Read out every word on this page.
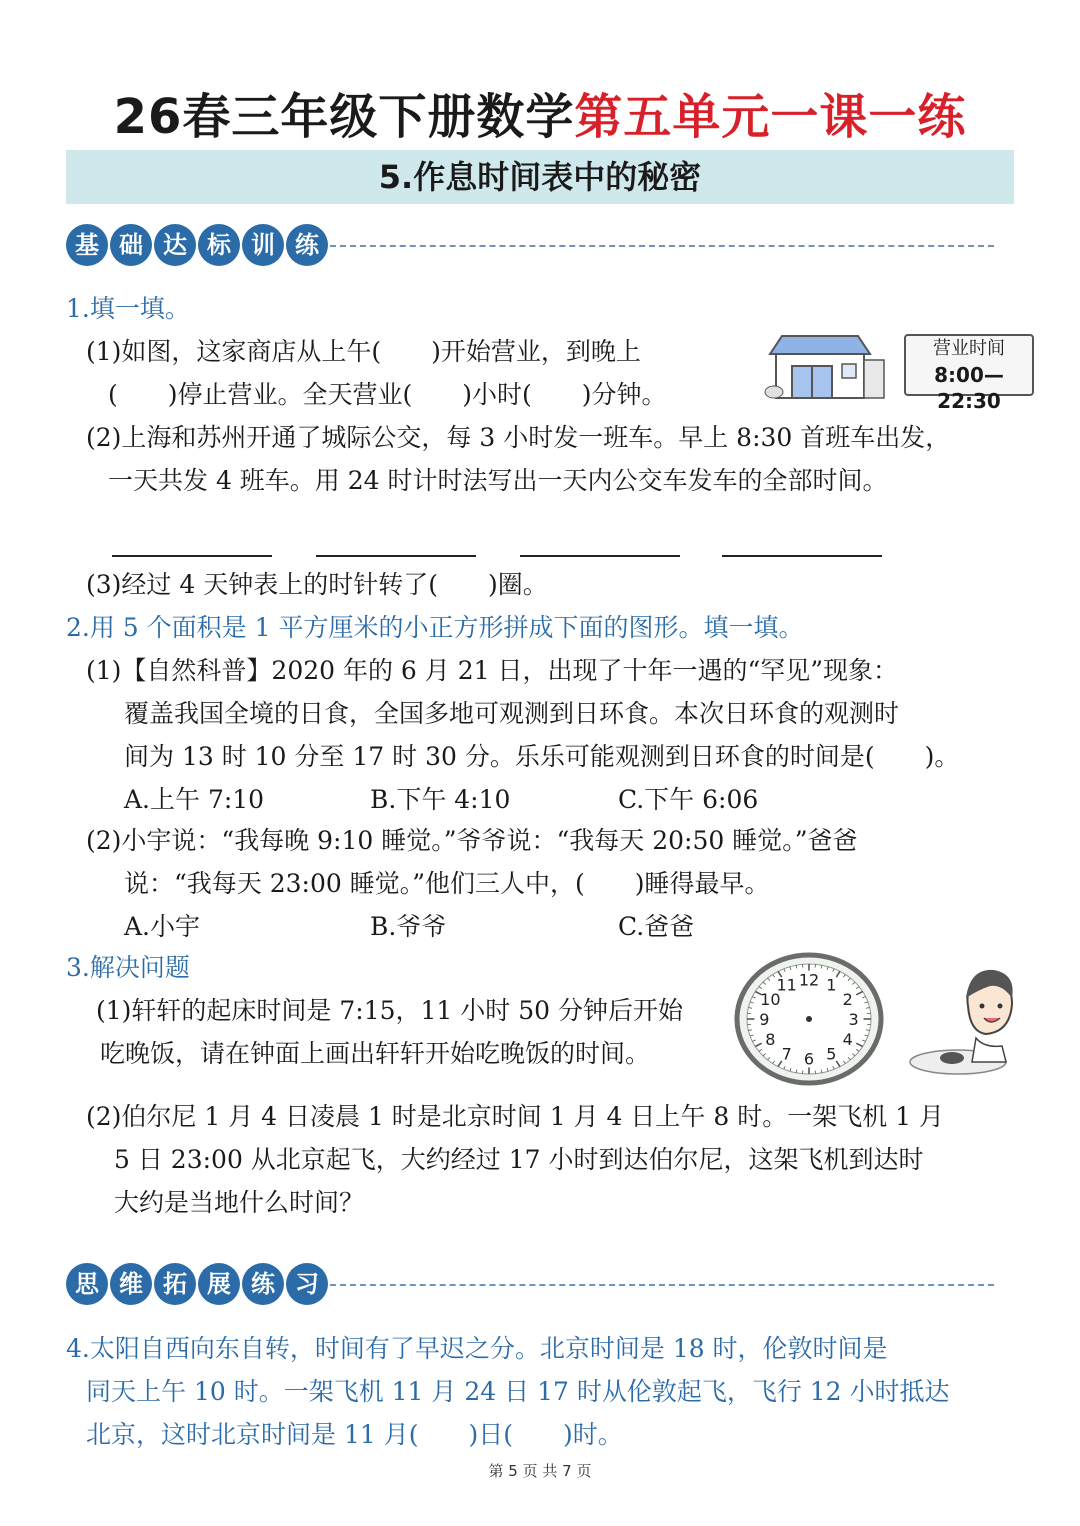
26春三年级下册数学第五单元一课一练
5.作息时间表中的秘密
基 础 达 标 训 练
1.填一填。
(1)如图，这家商店从上午(　　)开始营业，到晚上
(　　)停止营业。全天营业(　　)小时(　　)分钟。
营业时间
8:00—22:30
(2)上海和苏州开通了城际公交，每 3 小时发一班车。早上 8:30 首班车出发，
一天共发 4 班车。用 24 时计时法写出一天内公交车发车的全部时间。
(3)经过 4 天钟表上的时针转了(　　)圈。
2.用 5 个面积是 1 平方厘米的小正方形拼成下面的图形。填一填。
(1)【自然科普】2020 年的 6 月 21 日，出现了十年一遇的“罕见”现象：
覆盖我国全境的日食，全国多地可观测到日环食。本次日环食的观测时
间为 13 时 10 分至 17 时 30 分。乐乐可能观测到日环食的时间是(　　)。
A.上午 7:10	B.下午 4:10	C.下午 6:06
(2)小宇说：“我每晚 9:10 睡觉。”爷爷说：“我每天 20:50 睡觉。”爸爸
说：“我每天 23:00 睡觉。”他们三人中，(　　)睡得最早。
A.小宇	B.爷爷	C.爸爸
3.解决问题
(1)轩轩的起床时间是 7:15，11 小时 50 分钟后开始
吃晚饭，请在钟面上画出轩轩开始吃晚饭的时间。
12 1
2
3
4
5
6
7
8
9
10
11
(2)伯尔尼 1 月 4 日凌晨 1 时是北京时间 1 月 4 日上午 8 时。一架飞机 1 月
5 日 23:00 从北京起飞，大约经过 17 小时到达伯尔尼，这架飞机到达时
大约是当地什么时间？
思 维 拓 展 练 习
4.太阳自西向东自转，时间有了早迟之分。北京时间是 18 时，伦敦时间是
同天上午 10 时。一架飞机 11 月 24 日 17 时从伦敦起飞，飞行 12 小时抵达
北京，这时北京时间是 11 月(　　)日(　　)时。
第 5 页 共 7 页
